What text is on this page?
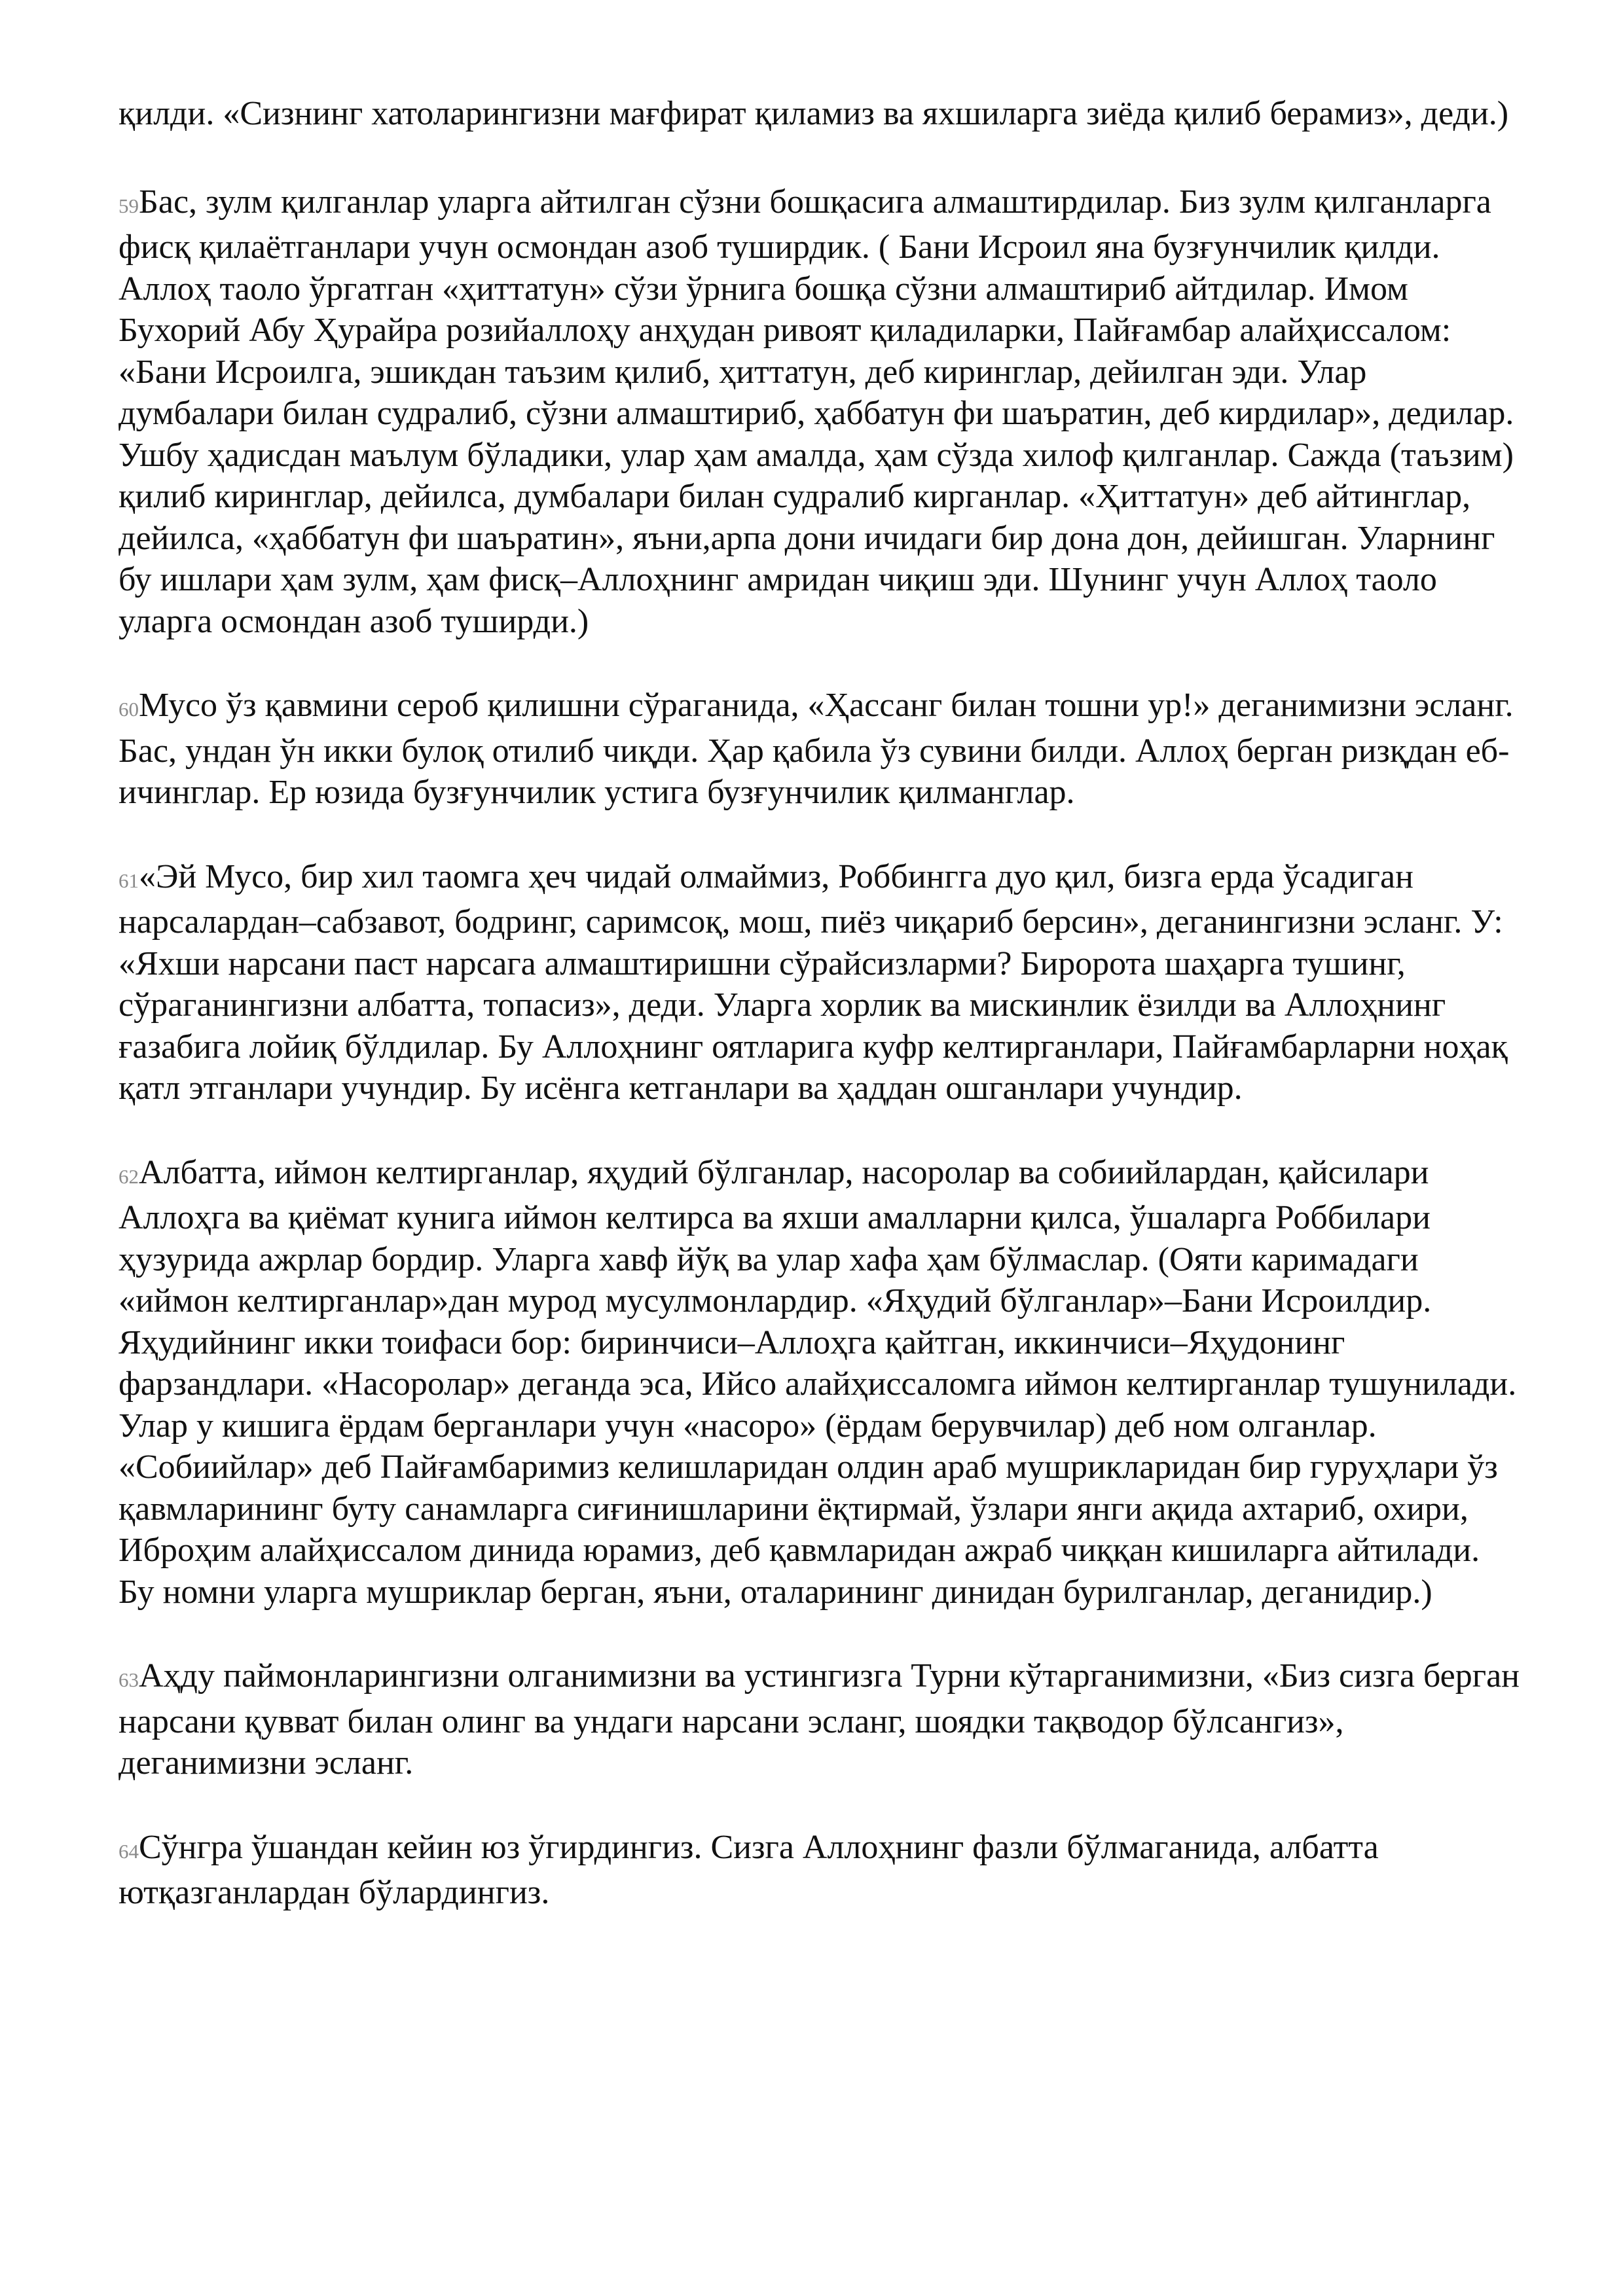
қилди. «Сизнинг хатоларингизни мағфират қиламиз ва яхшиларга зиёда қилиб берамиз», деди.)

59Бас, зулм қилганлар уларга айтилган сўзни бошқасига алмаштирдилар. Биз зулм қилганларга фисқ қилаётганлари учун осмондан азоб туширдик. ( Бани Исроил яна бузғунчилик қилди. Аллоҳ таоло ўргатган «ҳиттатун» сўзи ўрнига бошқа сўзни алмаштириб айтдилар. Имом Бухорий Абу Ҳурайра розийаллоҳу анҳудан ривоят қиладиларки, Пайғамбар алайҳиссалом: «Бани Исроилга, эшикдан таъзим қилиб, ҳиттатун, деб киринглар, дейилган эди. Улар думбалари билан судралиб, сўзни алмаштириб, ҳаббатун фи шаъратин, деб кирдилар», дедилар. Ушбу ҳадисдан маълум бўладики, улар ҳам амалда, ҳам сўзда хилоф қилганлар. Сажда (таъзим) қилиб киринглар, дейилса, думбалари билан судралиб кирганлар. «Ҳиттатун» деб айтинглар, дейилса, «ҳаббатун фи шаъратин», яъни,арпа дони ичидаги бир дона дон, дейишган. Уларнинг бу ишлари ҳам зулм, ҳам фисқ–Аллоҳнинг амридан чиқиш эди. Шунинг учун Аллоҳ таоло уларга осмондан азоб туширди.)

60Мусо ўз қавмини сероб қилишни сўраганида, «Ҳассанг билан тошни ур!» деганимизни эсланг. Бас, ундан ўн икки булоқ отилиб чиқди. Ҳар қабила ўз сувини билди. Аллоҳ берган ризқдан еб-ичинглар. Ер юзида бузғунчилик устига бузғунчилик қилманглар.

61«Эй Мусо, бир хил таомга ҳеч чидай олмаймиз, Роббингга дуо қил, бизга ерда ўсадиган нарсалардан–сабзавот, бодринг, саримсоқ, мош, пиёз чиқариб берсин», деганингизни эсланг. У: «Яхши нарсани паст нарсага алмаштиришни сўрайсизларми? Биророта шаҳарга тушинг, сўраганингизни албатта, топасиз», деди. Уларга хорлик ва мискинлик ёзилди ва Аллоҳнинг ғазабига лойиқ бўлдилар. Бу Аллоҳнинг оятларига куфр келтирганлари, Пайғамбарларни ноҳақ қатл этганлари учундир. Бу исёнга кетганлари ва ҳаддан ошганлари учундир.

62Албатта, иймон келтирганлар, яҳудий бўлганлар, насоролар ва собиийлардан, қайсилари Аллоҳга ва қиёмат кунига иймон келтирса ва яхши амалларни қилса, ўшаларга Роббилари ҳузурида ажрлар бордир. Уларга хавф йўқ ва улар хафа ҳам бўлмаслар. (Ояти каримадаги «иймон келтирганлар»дан мурод мусулмонлардир. «Яҳудий бўлганлар»–Бани Исроилдир. Яҳудийнинг икки тоифаси бор: биринчиси–Аллоҳга қайтган, иккинчиси–Яҳудонинг фарзандлари. «Насоролар» деганда эса, Ийсо алайҳиссаломга иймон келтирганлар тушунилади. Улар у кишига ёрдам берганлари учун «насоро» (ёрдам берувчилар) деб ном олганлар. «Собиийлар» деб Пайғамбаримиз келишларидан олдин араб мушрикларидан бир гуруҳлари ўз қавмларининг буту санамларга сиғинишларини ёқтирмай, ўзлари янги ақида ахтариб, охири, Иброҳим алайҳиссалом динида юрамиз, деб қавмларидан ажраб чиққан кишиларга айтилади. Бу номни уларга мушриклар берган, яъни, оталарининг динидан бурилганлар, деганидир.)

63Аҳду паймонларингизни олганимизни ва устингизга Турни кўтарганимизни, «Биз сизга берган нарсани қувват билан олинг ва ундаги нарсани эсланг, шоядки тақводор бўлсангиз», деганимизни эсланг.

64Сўнгра ўшандан кейин юз ўгирдингиз. Сизга Аллоҳнинг фазли бўлмаганида, албатта ютқазганлардан бўлардингиз.
